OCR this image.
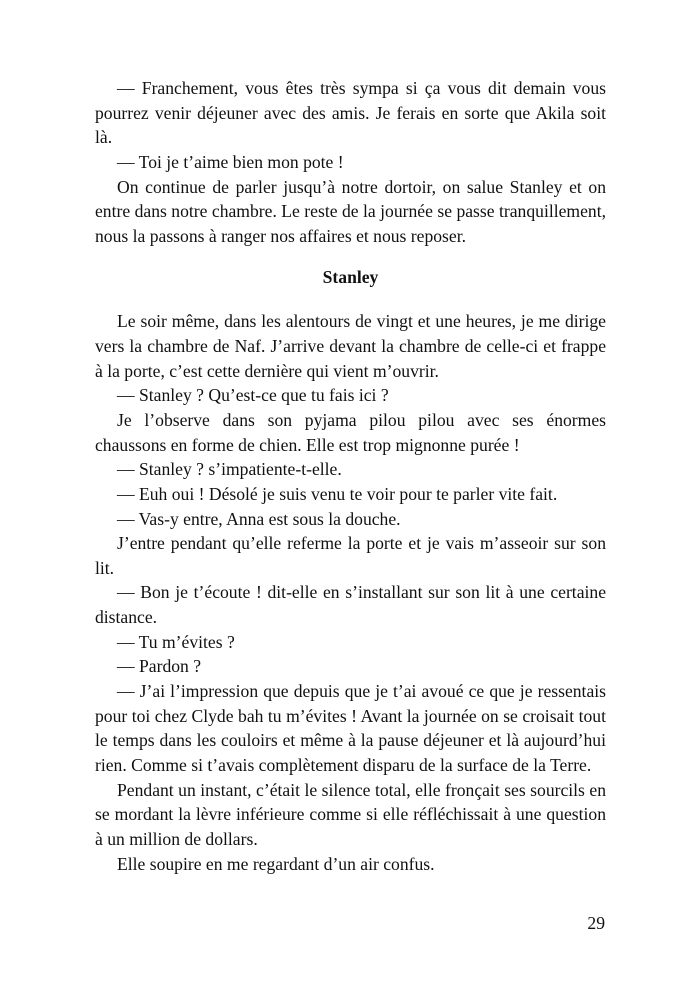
— Franchement, vous êtes très sympa si ça vous dit demain vous pourrez venir déjeuner avec des amis. Je ferais en sorte que Akila soit là.

— Toi je t’aime bien mon pote !

On continue de parler jusqu’à notre dortoir, on salue Stanley et on entre dans notre chambre. Le reste de la journée se passe tranquillement, nous la passons à ranger nos affaires et nous reposer.

Stanley

Le soir même, dans les alentours de vingt et une heures, je me dirige vers la chambre de Naf. J’arrive devant la chambre de celle-ci et frappe à la porte, c’est cette dernière qui vient m’ouvrir.

— Stanley ? Qu’est-ce que tu fais ici ?

Je l’observe dans son pyjama pilou pilou avec ses énormes chaussons en forme de chien. Elle est trop mignonne purée !

— Stanley ? s’impatiente-t-elle.

— Euh oui ! Désolé je suis venu te voir pour te parler vite fait.

— Vas-y entre, Anna est sous la douche.

J’entre pendant qu’elle referme la porte et je vais m’asseoir sur son lit.

— Bon je t’écoute ! dit-elle en s’installant sur son lit à une certaine distance.

— Tu m’évites ?

— Pardon ?

— J’ai l’impression que depuis que je t’ai avoué ce que je ressentais pour toi chez Clyde bah tu m’évites ! Avant la journée on se croisait tout le temps dans les couloirs et même à la pause déjeuner et là aujourd’hui rien. Comme si t’avais complètement disparu de la surface de la Terre.

Pendant un instant, c’était le silence total, elle fronçait ses sourcils en se mordant la lèvre inférieure comme si elle réfléchissait à une question à un million de dollars.

Elle soupire en me regardant d’un air confus.

29
